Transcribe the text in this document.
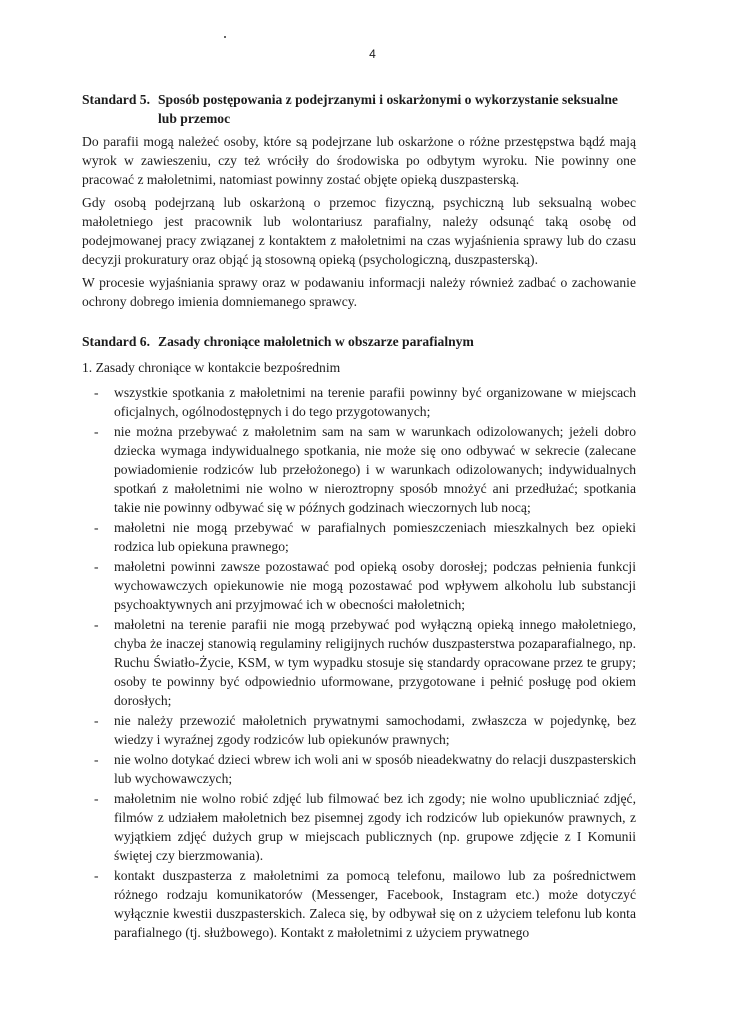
4
Standard 5. Sposób postępowania z podejrzanymi i oskarżonymi o wykorzystanie seksualne lub przemoc

Do parafii mogą należeć osoby, które są podejrzane lub oskarżone o różne przestępstwa bądź mają wyrok w zawieszeniu, czy też wróciły do środowiska po odbytym wyroku. Nie powinny one pracować z małoletnimi, natomiast powinny zostać objęte opieką duszpasterską.

Gdy osobą podejrzaną lub oskarżoną o przemoc fizyczną, psychiczną lub seksualną wobec małoletniego jest pracownik lub wolontariusz parafialny, należy odsunąć taką osobę od podejmowanej pracy związanej z kontaktem z małoletnimi na czas wyjaśnienia sprawy lub do czasu decyzji prokuratury oraz objąć ją stosowną opieką (psychologiczną, duszpasterską).

W procesie wyjaśniania sprawy oraz w podawaniu informacji należy również zadbać o zachowanie ochrony dobrego imienia domniemanego sprawcy.

Standard 6. Zasady chroniące małoletnich w obszarze parafialnym

1. Zasady chroniące w kontakcie bezpośrednim

- wszystkie spotkania z małoletnimi na terenie parafii powinny być organizowane w miejscach oficjalnych, ogólnodostępnych i do tego przygotowanych;
- nie można przebywać z małoletnim sam na sam w warunkach odizolowanych; jeżeli dobro dziecka wymaga indywidualnego spotkania, nie może się ono odbywać w sekrecie (zalecane powiadomienie rodziców lub przełożonego) i w warunkach odizolowanych; indywidualnych spotkań z małoletnimi nie wolno w nieroztropny sposób mnożyć ani przedłużać; spotkania takie nie powinny odbywać się w późnych godzinach wieczornych lub nocą;
- małoletni nie mogą przebywać w parafialnych pomieszczeniach mieszkalnych bez opieki rodzica lub opiekuna prawnego;
- małoletni powinni zawsze pozostawać pod opieką osoby dorosłej; podczas pełnienia funkcji wychowawczych opiekunowie nie mogą pozostawać pod wpływem alkoholu lub substancji psychoaktywnych ani przyjmować ich w obecności małoletnich;
- małoletni na terenie parafii nie mogą przebywać pod wyłączną opieką innego małoletniego, chyba że inaczej stanowią regulaminy religijnych ruchów duszpasterstwa pozaparafialnego, np. Ruchu Światło-Życie, KSM, w tym wypadku stosuje się standardy opracowane przez te grupy; osoby te powinny być odpowiednio uformowane, przygotowane i pełnić posługę pod okiem dorosłych;
- nie należy przewozić małoletnich prywatnymi samochodami, zwłaszcza w pojedynkę, bez wiedzy i wyraźnej zgody rodziców lub opiekunów prawnych;
- nie wolno dotykać dzieci wbrew ich woli ani w sposób nieadekwatny do relacji duszpasterskich lub wychowawczych;
- małoletnim nie wolno robić zdjęć lub filmować bez ich zgody; nie wolno upubliczniać zdjęć, filmów z udziałem małoletnich bez pisemnej zgody ich rodziców lub opiekunów prawnych, z wyjątkiem zdjęć dużych grup w miejscach publicznych (np. grupowe zdjęcie z I Komunii świętej czy bierzmowania).
- kontakt duszpasterza z małoletnimi za pomocą telefonu, mailowo lub za pośrednictwem różnego rodzaju komunikatorów (Messenger, Facebook, Instagram etc.) może dotyczyć wyłącznie kwestii duszpasterskich. Zaleca się, by odbywał się on z użyciem telefonu lub konta parafialnego (tj. służbowego). Kontakt z małoletnimi z użyciem prywatnego
